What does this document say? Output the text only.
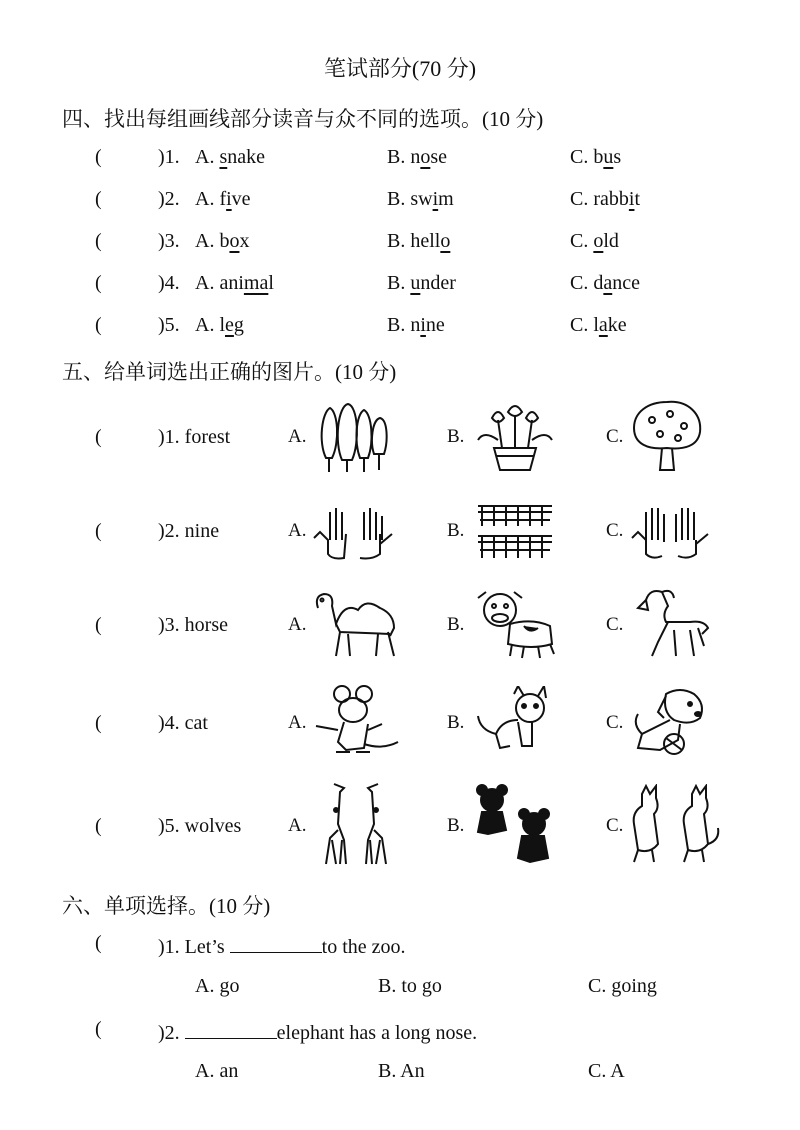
笔试部分(70 分)
四、找出每组画线部分读音与众不同的选项。(10 分)
(	)1. A. snake	B. nose	C. bus
(	)2. A. five	B. swim	C. rabbit
(	)3. A. box	B. hello	C. old
(	)4. A. animal	B. under	C. dance
(	)5. A. leg	B. nine	C. lake
五、给单词选出正确的图片。(10 分)
(	)1. forest	A.	B.	C.
(	)2. nine	A.	B.	C.
(	)3. horse	A.	B.	C.
(	)4. cat	A.	B.	C.
(	)5. wolves A.	B.	C.
六、单项选择。(10 分)
(	)1. Let’s	to the zoo.
A. go	B. to go	C. going
(	)2.	elephant has a long nose.
A. an	B. An	C. A
